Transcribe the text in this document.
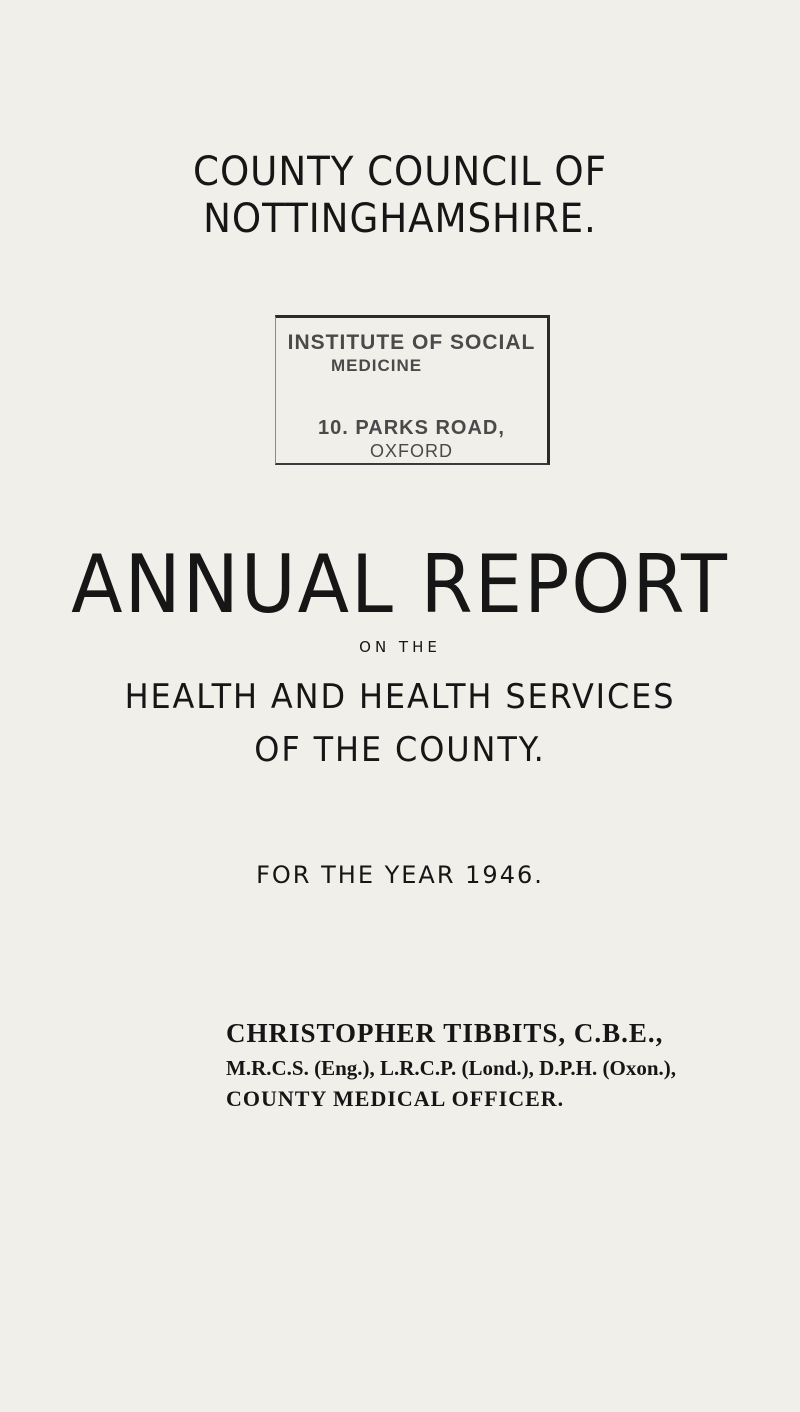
COUNTY COUNCIL OF
NOTTINGHAMSHIRE.
INSTITUTE OF SOCIAL
MEDICINE
10. PARKS ROAD,
OXFORD
ANNUAL REPORT
ON THE
HEALTH AND HEALTH SERVICES
OF THE COUNTY.
FOR THE YEAR 1946.
CHRISTOPHER TIBBITS, C.B.E.,
M.R.C.S. (Eng.), L.R.C.P. (Lond.), D.P.H. (Oxon.),
COUNTY MEDICAL OFFICER.
